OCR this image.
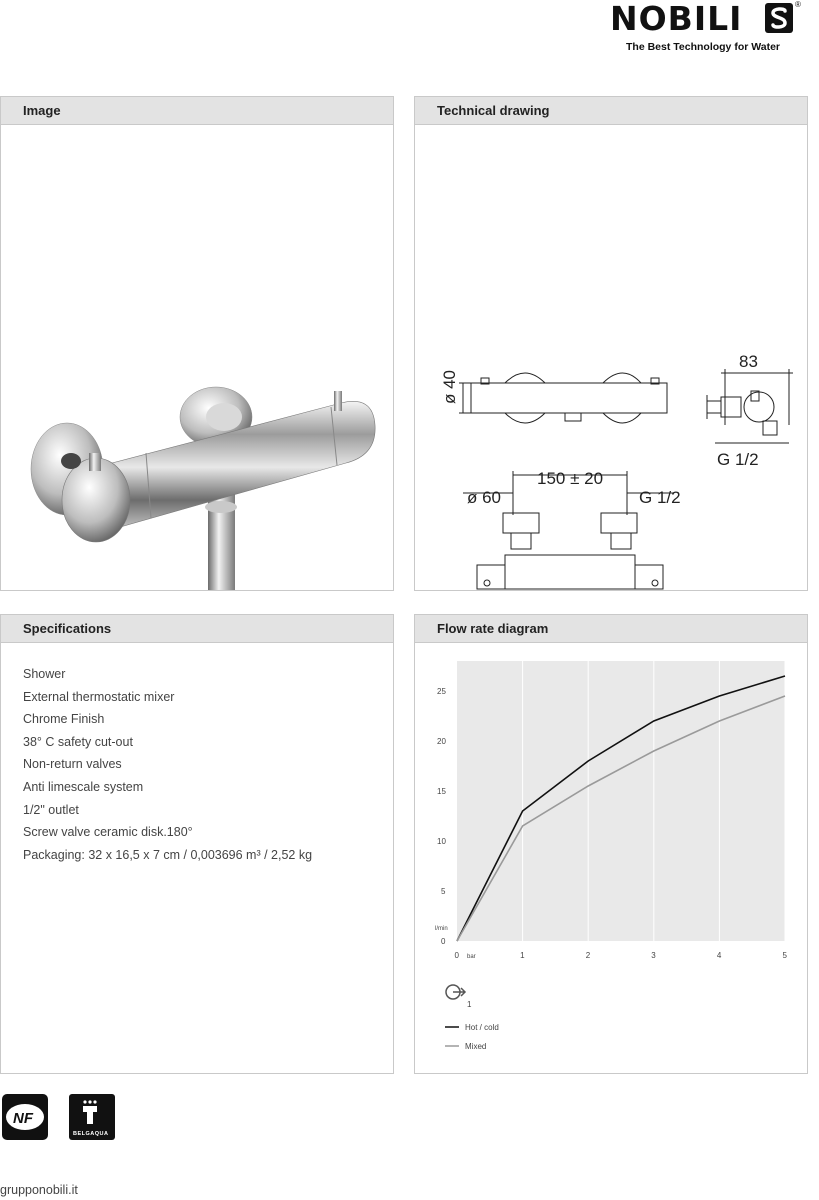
NOBILI	®
The Best Technology for Water
Image	Technical drawing
ø 40
83
G 1/2
150 ± 20
ø 60	G 1/2
Specifications
Shower
External thermostatic mixer
Chrome Finish
38° C safety cut-out
Non-return valves
Anti limescale system
1/2" outlet
Screw valve ceramic disk.180°
Packaging: 32 x 16,5 x 7 cm / 0,003696 m³ / 2,52 kg
Flow rate diagram
0	1	2	3	4	5
0
5
10
15
20
25
l/min
bar
1
Hot / cold
Mixed
NF
BELGAQUA
grupponobili.it
